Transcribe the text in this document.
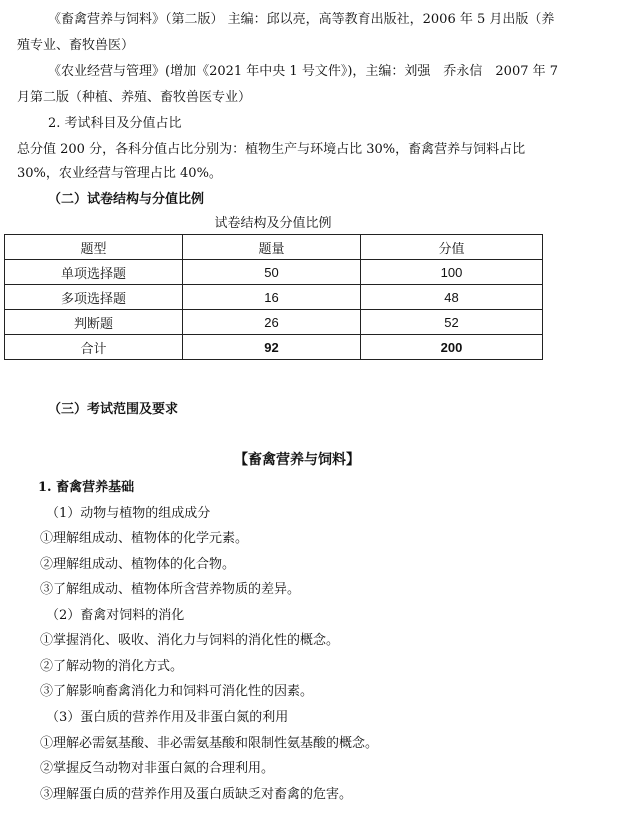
《畜禽营养与饲料》（第二版） 主编：邱以亮，高等教育出版社，2006 年 5 月出版（养
殖专业、畜牧兽医）
《农业经营与管理》(增加《2021 年中央 1 号文件》)，主编：刘强　乔永信　2007 年 7
月第二版（种植、养殖、畜牧兽医专业）
2. 考试科目及分值占比
总分值 200 分，各科分值占比分别为：植物生产与环境占比 30%，畜禽营养与饲料占比
30%，农业经营与管理占比 40%。
（二）试卷结构与分值比例
试卷结构及分值比例
题型	题量	分值
单项选择题	50	100
多项选择题	16	48
判断题	26	52
合计	92	200
（三）考试范围及要求
【畜禽营养与饲料】
1. 畜禽营养基础
（1）动物与植物的组成成分
①理解组成动、植物体的化学元素。
②理解组成动、植物体的化合物。
③了解组成动、植物体所含营养物质的差异。
（2）畜禽对饲料的消化
①掌握消化、吸收、消化力与饲料的消化性的概念。
②了解动物的消化方式。
③了解影响畜禽消化力和饲料可消化性的因素。
（3）蛋白质的营养作用及非蛋白氮的利用
①理解必需氨基酸、非必需氨基酸和限制性氨基酸的概念。
②掌握反刍动物对非蛋白氮的合理利用。
③理解蛋白质的营养作用及蛋白质缺乏对畜禽的危害。
